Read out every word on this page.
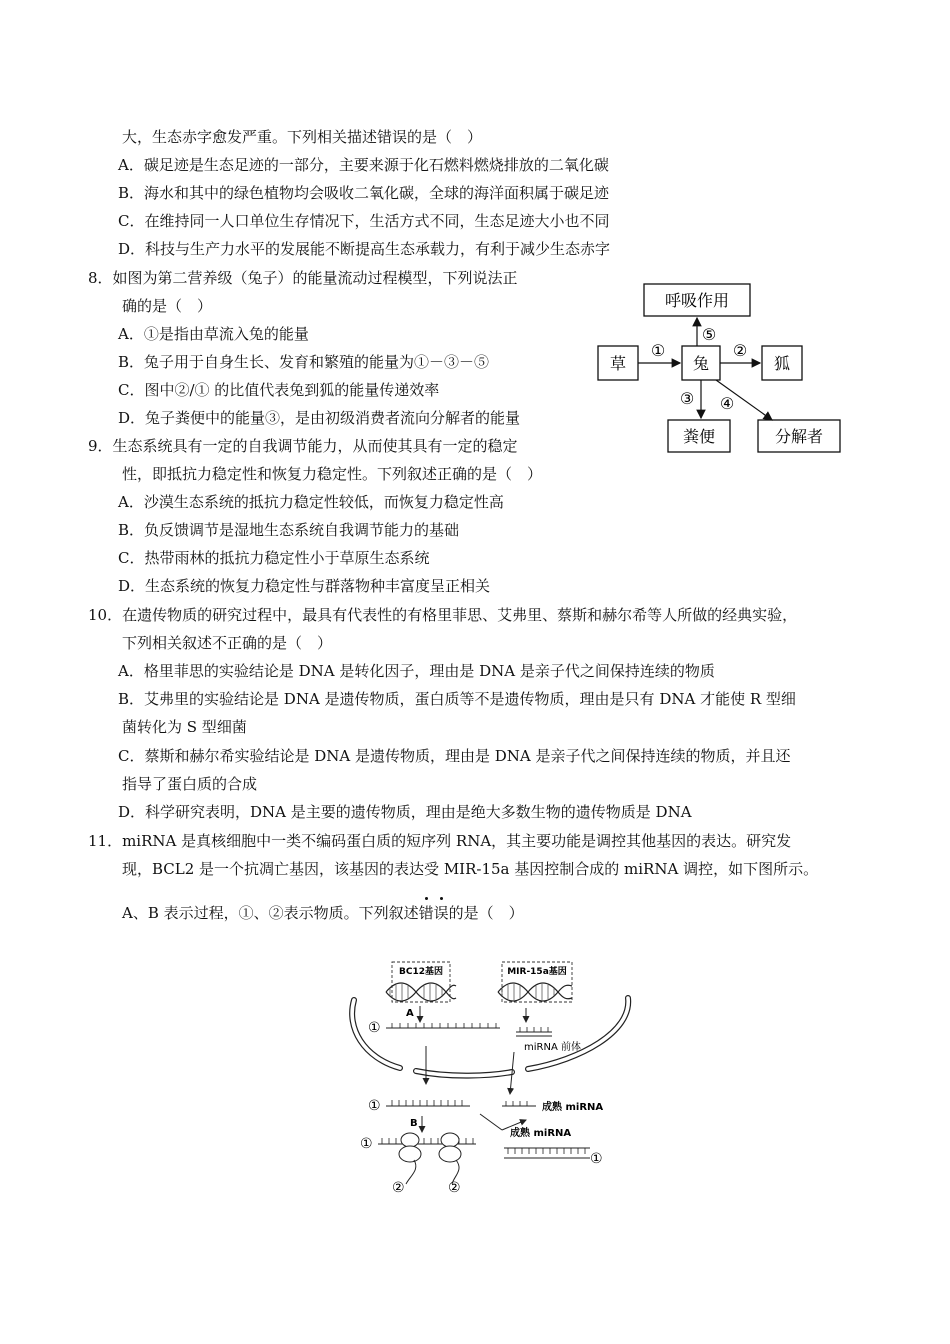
大，生态赤字愈发严重。下列相关描述错误的是（　）
A．碳足迹是生态足迹的一部分，主要来源于化石燃料燃烧排放的二氧化碳
B．海水和其中的绿色植物均会吸收二氧化碳，全球的海洋面积属于碳足迹
C．在维持同一人口单位生存情况下，生活方式不同，生态足迹大小也不同
D．科技与生产力水平的发展能不断提高生态承载力，有利于减少生态赤字
8．如图为第二营养级（兔子）的能量流动过程模型，下列说法正
确的是（　）
A．①是指由草流入兔的能量
B．兔子用于自身生长、发育和繁殖的能量为①－③－⑤
C．图中②/① 的比值代表兔到狐的能量传递效率
D．兔子粪便中的能量③，是由初级消费者流向分解者的能量
呼吸作用
草	兔	狐
粪便	分解者
①	②
⑤
③ ④
9．生态系统具有一定的自我调节能力，从而使其具有一定的稳定
性，即抵抗力稳定性和恢复力稳定性。下列叙述正确的是（　）
A．沙漠生态系统的抵抗力稳定性较低，而恢复力稳定性高
B．负反馈调节是湿地生态系统自我调节能力的基础
C．热带雨林的抵抗力稳定性小于草原生态系统
D．生态系统的恢复力稳定性与群落物种丰富度呈正相关
10．在遗传物质的研究过程中，最具有代表性的有格里菲思、艾弗里、蔡斯和赫尔希等人所做的经典实验，
下列相关叙述不正确的是（　）
A．格里菲思的实验结论是 DNA 是转化因子，理由是 DNA 是亲子代之间保持连续的物质
B．艾弗里的实验结论是 DNA 是遗传物质，蛋白质等不是遗传物质，理由是只有 DNA 才能使 R 型细
菌转化为 S 型细菌
C．蔡斯和赫尔希实验结论是 DNA 是遗传物质，理由是 DNA 是亲子代之间保持连续的物质，并且还
指导了蛋白质的合成
D．科学研究表明，DNA 是主要的遗传物质，理由是绝大多数生物的遗传物质是 DNA
11．miRNA 是真核细胞中一类不编码蛋白质的短序列 RNA，其主要功能是调控其他基因的表达。研究发
现，BCL2 是一个抗凋亡基因，该基因的表达受 MIR-15a 基因控制合成的 miRNA 调控，如下图所示。
A、B 表示过程，①、②表示物质。下列叙述错误的是（　）
BC12基因	MIR-15a基因
A
①
miRNA 前体
①	成熟 miRNA
B
成熟 miRNA
①
②	②
①
